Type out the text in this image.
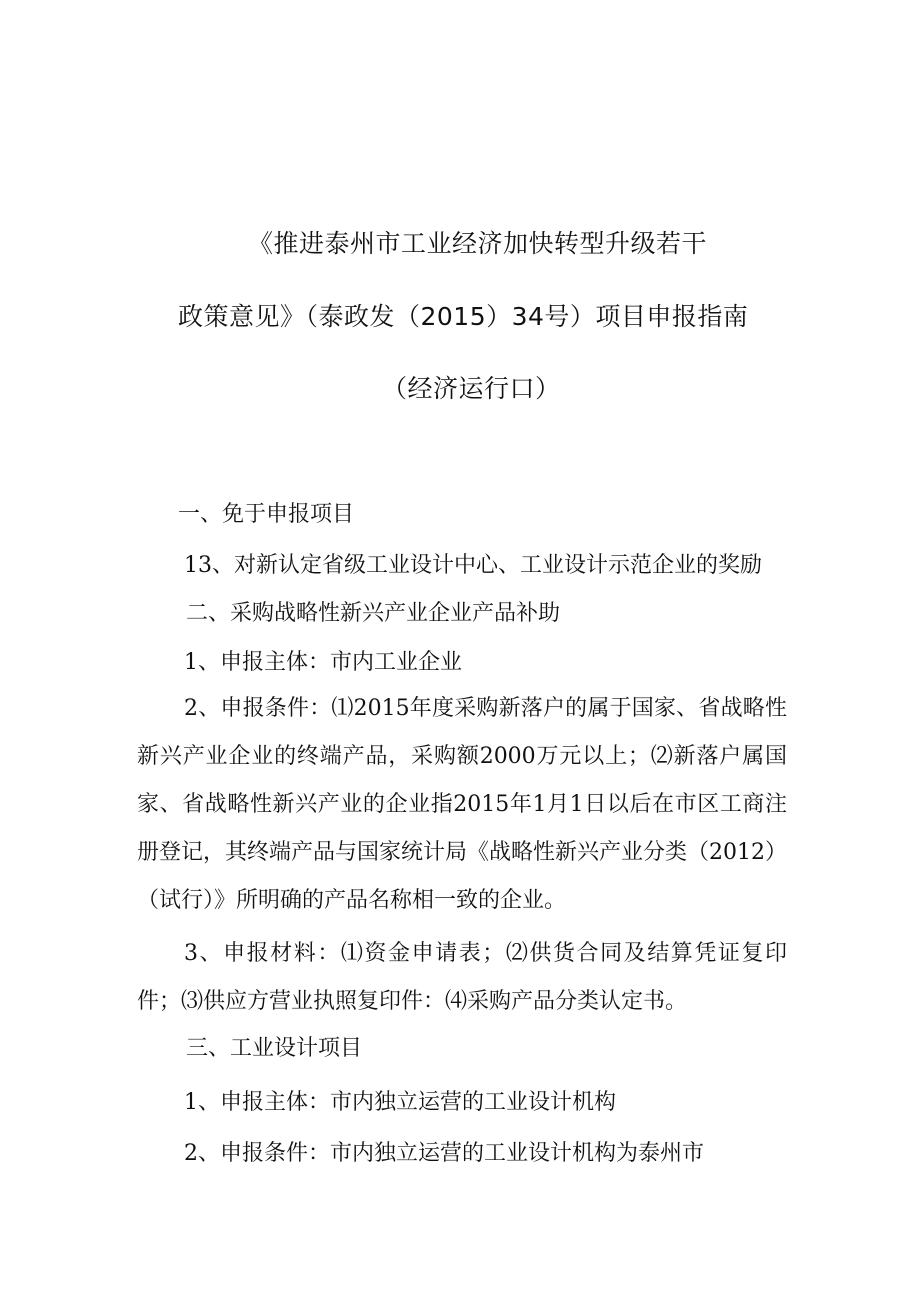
《推进泰州市工业经济加快转型升级若干
政策意见》（泰政发（2015）34号）项目申报指南
（经济运行口）
一、免于申报项目
13、对新认定省级工业设计中心、工业设计示范企业的奖励
二、采购战略性新兴产业企业产品补助
1、申报主体：市内工业企业

2、申报条件：⑴2015年度采购新落户的属于国家、省战略性新兴产业企业的终端产品，采购额2000万元以上；⑵新落户属国家、省战略性新兴产业的企业指2015年1月1日以后在市区工商注册登记，其终端产品与国家统计局《战略性新兴产业分类（2012）（试行）》所明确的产品名称相一致的企业。

3、申报材料：⑴资金申请表；⑵供货合同及结算凭证复印件；⑶供应方营业执照复印件：⑷采购产品分类认定书。

三、工业设计项目
1、申报主体：市内独立运营的工业设计机构
2、申报条件：市内独立运营的工业设计机构为泰州市
